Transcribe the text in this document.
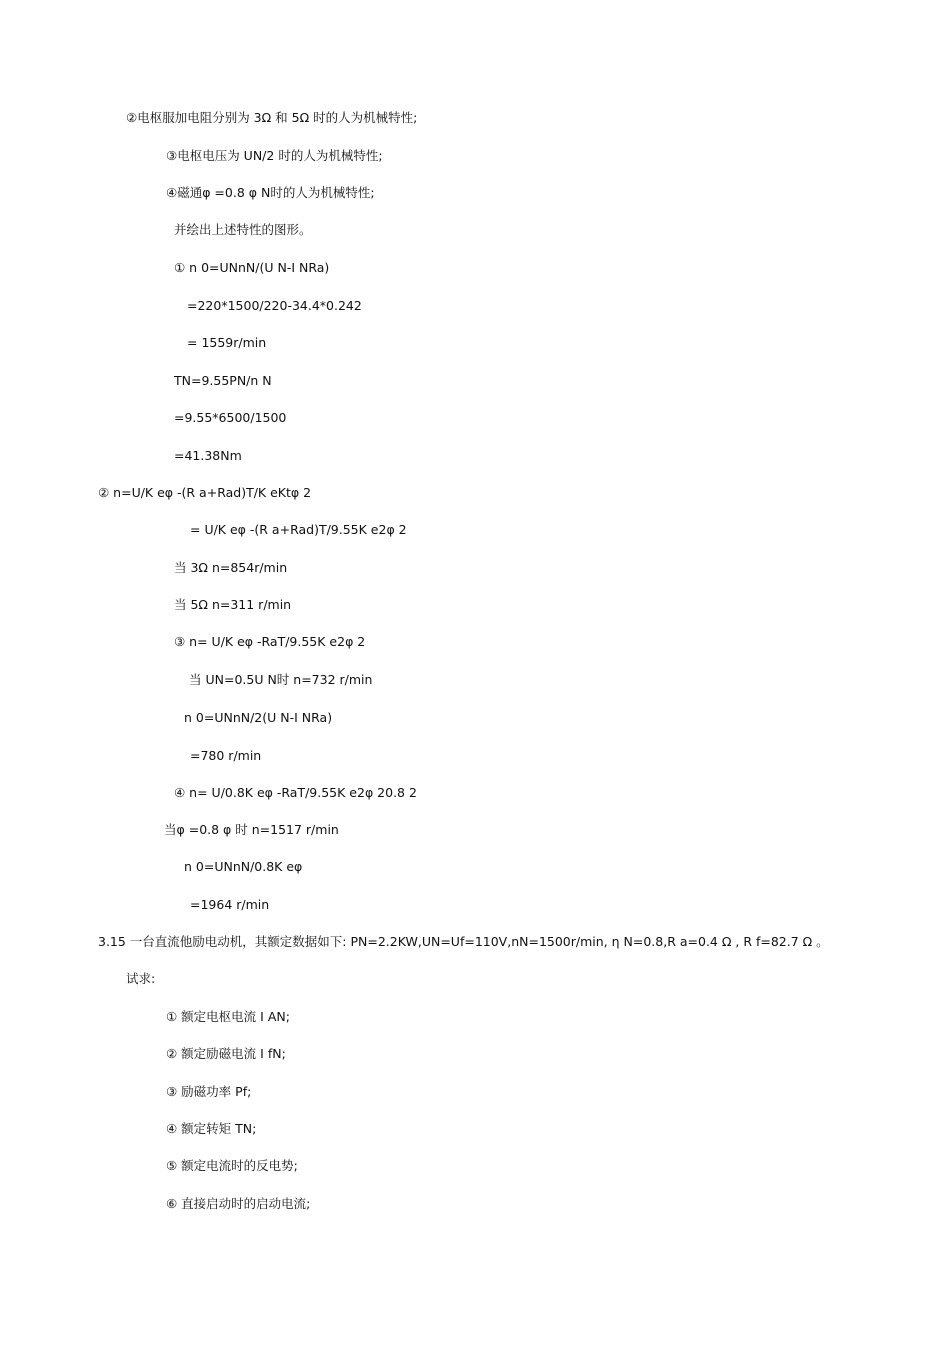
②电枢服加电阻分别为 3Ω 和 5Ω 时的人为机械特性;
③电枢电压为 UN/2 时的人为机械特性;
④磁通φ =0.8 φ N时的人为机械特性;
并绘出上述特性的图形。
① n 0=UNnN/(U N-I NRa)
=220*1500/220-34.4*0.242
= 1559r/min
TN=9.55PN/n N
=9.55*6500/1500
=41.38Nm
② n=U/K eφ -(R a+Rad)T/K eKtφ 2
= U/K eφ -(R a+Rad)T/9.55K e2φ 2
当 3Ω n=854r/min
当 5Ω n=311 r/min
③ n= U/K eφ -RaT/9.55K e2φ 2
当 UN=0.5U N时 n=732 r/min
n 0=UNnN/2(U N-I NRa)
=780 r/min
④ n= U/0.8K eφ -RaT/9.55K e2φ 20.8 2
当φ =0.8 φ 时 n=1517 r/min
n 0=UNnN/0.8K eφ
=1964 r/min
3.15 一台直流他励电动机，其额定数据如下: PN=2.2KW,UN=Uf=110V,nN=1500r/min, η N=0.8,R a=0.4 Ω , R f=82.7 Ω 。
试求:
① 额定电枢电流 I AN;
② 额定励磁电流 I fN;
③ 励磁功率 Pf;
④ 额定转矩 TN;
⑤ 额定电流时的反电势;
⑥ 直接启动时的启动电流;
